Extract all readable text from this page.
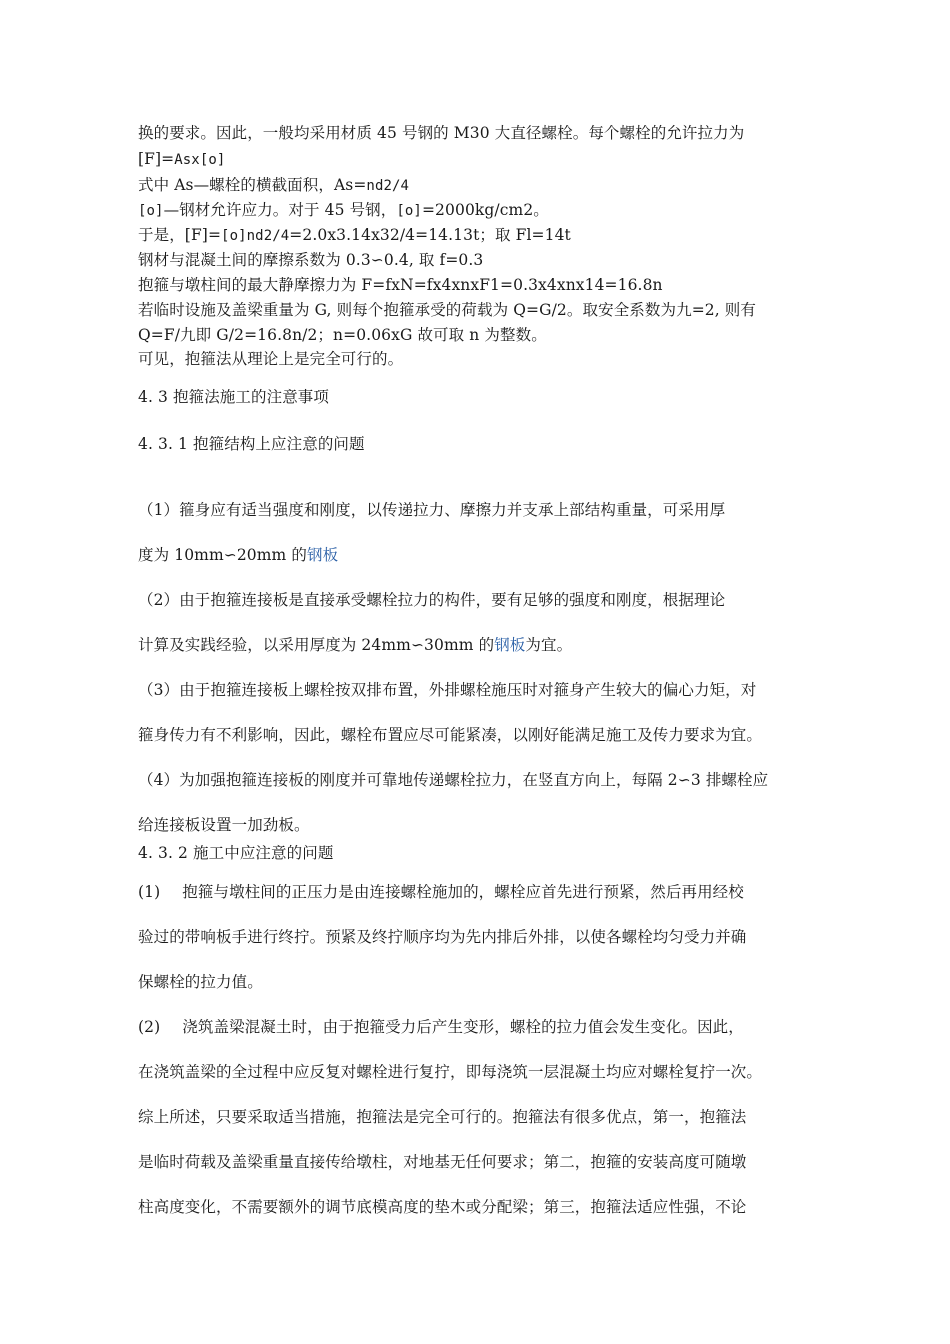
换的要求。因此，一般均采用材质 45 号钢的 M30 大直径螺栓。每个螺栓的允许拉力为
[F]=Asx[o]
式中 As—螺栓的横截面积，As=nd2/4
[o]—钢材允许应力。对于 45 号钢，[o]=2000kg/cm2。
于是，[F]=[o]nd2/4=2.0x3.14x32/4=14.13t；取 Fl=14t
钢材与混凝土间的摩擦系数为 0.3∽0.4, 取 f=0.3
抱箍与墩柱间的最大静摩擦力为 F=fxN=fx4xnxF1=0.3x4xnx14=16.8n
若临时设施及盖梁重量为 G, 则每个抱箍承受的荷载为 Q=G/2。取安全系数为九=2, 则有
Q=F/九即 G/2=16.8n/2；n=0.06xG 故可取 n 为整数。
可见，抱箍法从理论上是完全可行的。
4. 3 抱箍法施工的注意事项
4. 3. 1 抱箍结构上应注意的问题
（1）箍身应有适当强度和刚度，以传递拉力、摩擦力并支承上部结构重量，可采用厚
度为 10mm∽20mm 的钢板
（2）由于抱箍连接板是直接承受螺栓拉力的构件，要有足够的强度和刚度，根据理论
计算及实践经验，以采用厚度为 24mm∽30mm 的钢板为宜。
（3）由于抱箍连接板上螺栓按双排布置，外排螺栓施压时对箍身产生较大的偏心力矩，对
箍身传力有不利影响，因此，螺栓布置应尽可能紧凑，以刚好能满足施工及传力要求为宜。
（4）为加强抱箍连接板的刚度并可靠地传递螺栓拉力，在竖直方向上，每隔 2∽3 排螺栓应
给连接板设置一加劲板。
4. 3. 2 施工中应注意的问题
(1) 抱箍与墩柱间的正压力是由连接螺栓施加的，螺栓应首先进行预紧，然后再用经校
验过的带响板手进行终拧。预紧及终拧顺序均为先内排后外排，以使各螺栓均匀受力并确
保螺栓的拉力值。
(2) 浇筑盖梁混凝土时，由于抱箍受力后产生变形，螺栓的拉力值会发生变化。因此，
在浇筑盖梁的全过程中应反复对螺栓进行复拧，即每浇筑一层混凝土均应对螺栓复拧一次。
综上所述，只要采取适当措施，抱箍法是完全可行的。抱箍法有很多优点，第一，抱箍法
是临时荷载及盖梁重量直接传给墩柱，对地基无任何要求；第二，抱箍的安装高度可随墩
柱高度变化，不需要额外的调节底模高度的垫木或分配梁；第三，抱箍法适应性强，不论
